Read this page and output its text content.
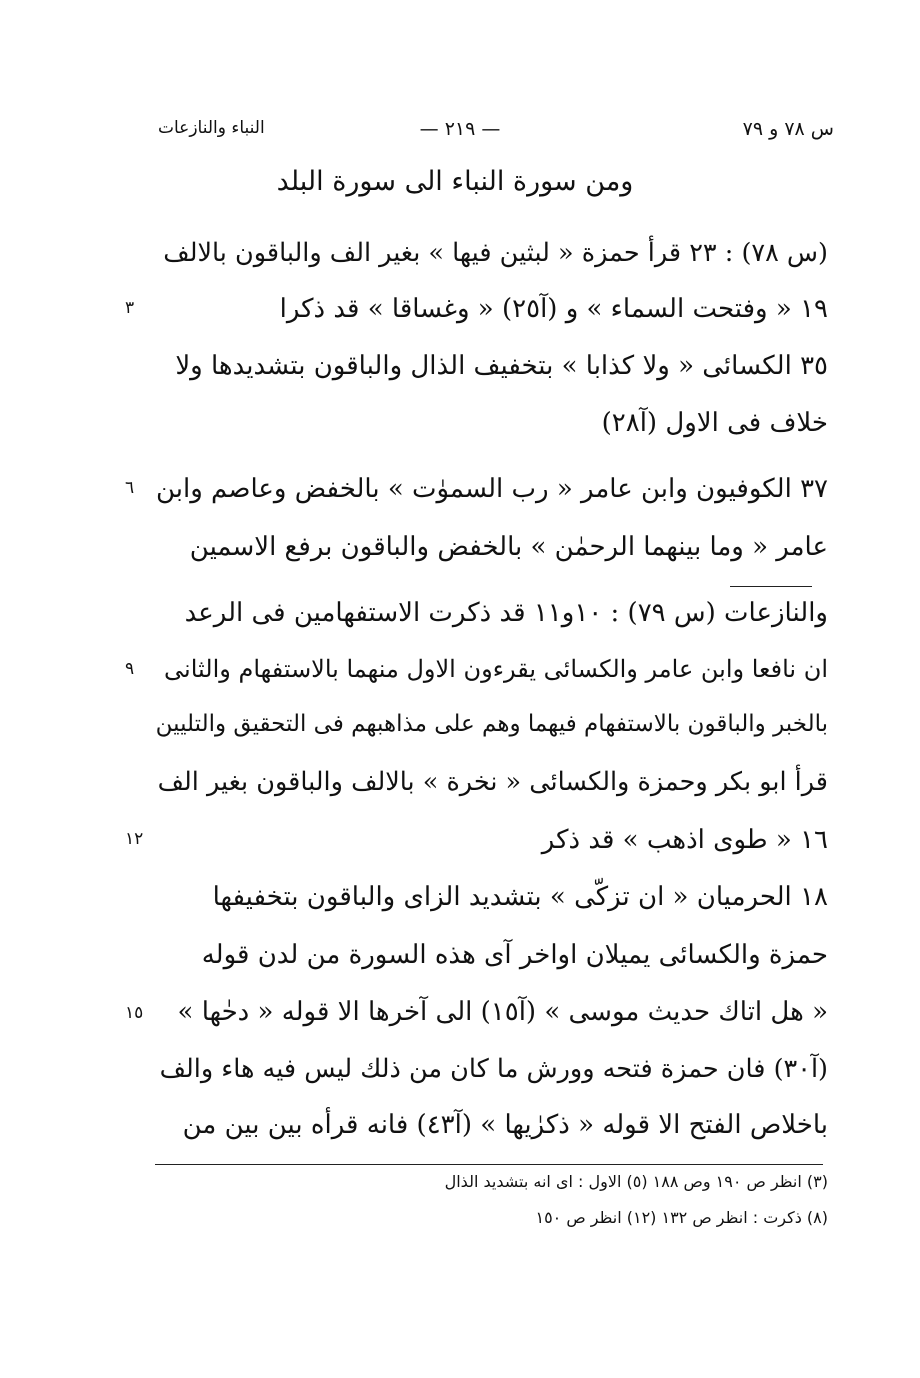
س ٧٨ و ٧٩
— ٢١٩ —
النباء والنازعات
ومن سورة النباء الى سورة البلد
(س ٧٨) : ٢٣ قرأ حمزة « لبثين فيها » بغير الف والباقون بالالف
١٩ « وفتحت السماء » و (آ٢٥) « وغساقا » قد ذكرا
٣٥ الكسائى « ولا كذابا » بتخفيف الذال والباقون بتشديدها ولا
خلاف فى الاول (آ٢٨)
٣٧ الكوفيون وابن عامر « رب السموٰت » بالخفض وعاصم وابن
عامر « وما بينهما الرحمٰن » بالخفض والباقون برفع الاسمين
والنازعات (س ٧٩) : ١٠و١١ قد ذكرت الاستفهامين فى الرعد
ان نافعا وابن عامر والكسائى يقرءون الاول منهما بالاستفهام والثانى
بالخبر والباقون بالاستفهام فيهما وهم على مذاهبهم فى التحقيق والتليين
قرأ ابو بكر وحمزة والكسائى « نخرة » بالالف والباقون بغير الف
١٦ « طوى اذهب » قد ذكر
١٨ الحرميان « ان تزكّى » بتشديد الزاى والباقون بتخفيفها
حمزة والكسائى يميلان اواخر آى هذه السورة من لدن قوله
« هل اتاك حديث موسى » (آ١٥) الى آخرها الا قوله « دحٰها »
(آ٣٠) فان حمزة فتحه وورش ما كان من ذلك ليس فيه هاء والف
باخلاص الفتح الا قوله « ذكرٰيها » (آ٤٣) فانه قرأه بين بين من
٣
٦
٩
١٢
١٥
(٣) انظر ص ١٩٠ وص ١٨٨ (٥) الاول : اى انه بتشديد الذال
(٨) ذكرت : انظر ص ١٣٢ (١٢) انظر ص ١٥٠
